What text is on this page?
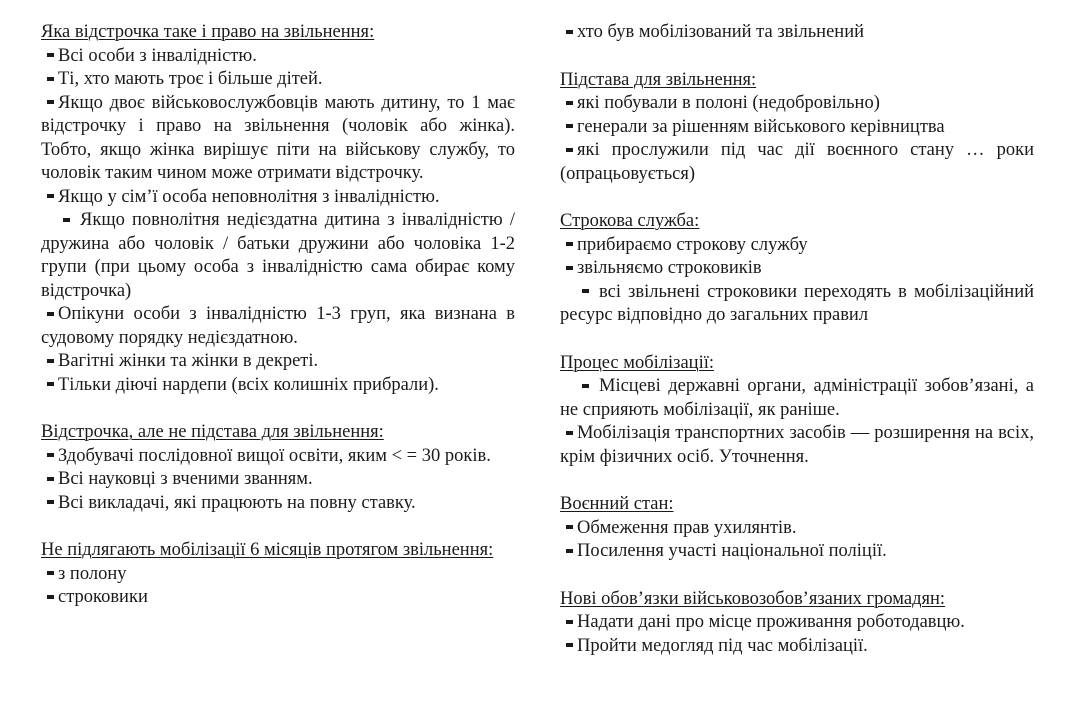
Яка відстрочка таке і право на звільнення:

Всі особи з інвалідністю.

Ті, хто мають троє і більше дітей.

Якщо двоє військовослужбовців мають дитину, то 1 має відстрочку і право на звільнення (чоловік або жінка). Тобто, якщо жінка вирішує піти на військову службу, то чоловік таким чином може отримати відстрочку.

Якщо у сім’ї особа неповнолітня з інвалідністю.

Якщо повнолітня недієздатна дитина з інвалідністю / дружина або чоловік / батьки дружини або чоловіка 1-2 групи (при цьому особа з інвалідністю сама обирає кому відстрочка)

Опікуни особи з інвалідністю 1-3 груп, яка визнана в судовому порядку недієздатною.

Вагітні жінки та жінки в декреті.

Тільки діючі нардепи (всіх колишніх прибрали).

Відстрочка, але не підстава для звільнення:

Здобувачі послідовної вищої освіти, яким < = 30 років.

Всі науковці з вченими званням.

Всі викладачі, які працюють на повну ставку.

Не підлягають мобілізації 6 місяців протягом звільнення:

з полону

строковики

хто був мобілізований та звільнений

Підстава для звільнення:

які побували в полоні (недобровільно)

генерали за рішенням військового керівництва

які прослужили під час дії воєнного стану … роки (опрацьовується)

Строкова служба:

прибираємо строкову службу

звільняємо строковиків

всі звільнені строковики переходять в мобілізаційний ресурс відповідно до загальних правил

Процес мобілізації:

Місцеві державні органи, адміністрації зобов’язані, а не сприяють мобілізації, як раніше.

Мобілізація транспортних засобів — розширення на всіх, крім фізичних осіб. Уточнення.

Воєнний стан:

Обмеження прав ухилянтів.

Посилення участі національної поліції.

Нові обов’язки військовозобов’язаних громадян:

Надати дані про місце проживання роботодавцю.

Пройти медогляд під час мобілізації.
